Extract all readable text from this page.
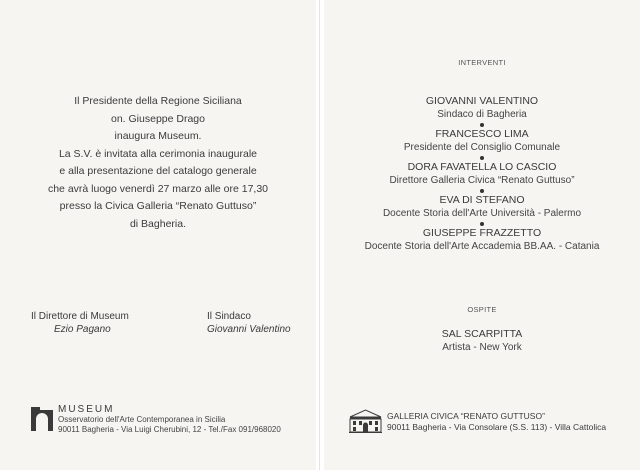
Il Presidente della Regione Siciliana
on. Giuseppe Drago
inaugura Museum.
La S.V. è invitata alla cerimonia inaugurale
e alla presentazione del catalogo generale
che avrà luogo venerdì 27 marzo alle ore 17,30
presso la Civica Galleria “Renato Guttuso”
di Bagheria.
Il Direttore di Museum
Ezio Pagano
Il Sindaco
Giovanni Valentino
MUSEUM
Osservatorio dell'Arte Contemporanea in Sicilia
90011 Bagheria - Via Luigi Cherubini, 12 - Tel./Fax 091/968020
INTERVENTI
GIOVANNI VALENTINO
Sindaco di Bagheria
FRANCESCO LIMA
Presidente del Consiglio Comunale
DORA FAVATELLA LO CASCIO
Direttore Galleria Civica “Renato Guttuso”
EVA DI STEFANO
Docente Storia dell'Arte Università - Palermo
GIUSEPPE FRAZZETTO
Docente Storia dell'Arte Accademia BB.AA. - Catania
OSPITE
SAL SCARPITTA
Artista - New York
GALLERIA CIVICA “RENATO GUTTUSO”
90011 Bagheria - Via Consolare (S.S. 113) - Villa Cattolica
